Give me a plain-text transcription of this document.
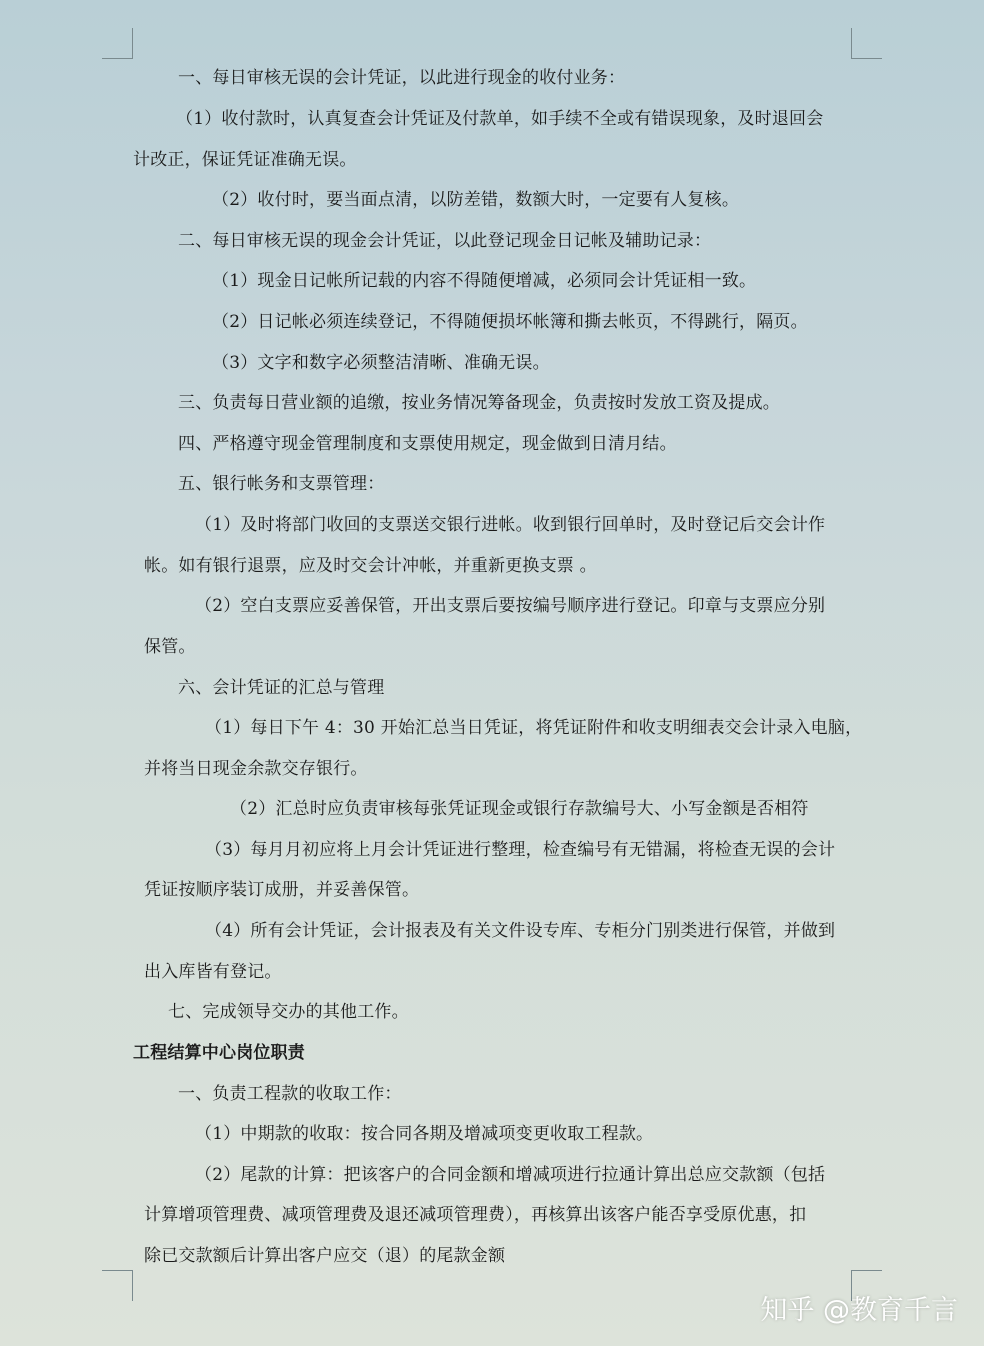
一、每日审核无误的会计凭证，以此进行现金的收付业务：
（1）收付款时，认真复查会计凭证及付款单，如手续不全或有错误现象，及时退回会
计改正，保证凭证准确无误。
（2）收付时，要当面点清，以防差错，数额大时，一定要有人复核。
二、每日审核无误的现金会计凭证，以此登记现金日记帐及辅助记录：
（1）现金日记帐所记载的内容不得随便增减，必须同会计凭证相一致。
（2）日记帐必须连续登记，不得随便损坏帐簿和撕去帐页，不得跳行，隔页。
（3）文字和数字必须整洁清晰、准确无误。
三、负责每日营业额的追缴，按业务情况筹备现金，负责按时发放工资及提成。
四、严格遵守现金管理制度和支票使用规定，现金做到日清月结。
五、银行帐务和支票管理：
（1）及时将部门收回的支票送交银行进帐。收到银行回单时，及时登记后交会计作
帐。如有银行退票，应及时交会计冲帐，并重新更换支票 。
（2）空白支票应妥善保管，开出支票后要按编号顺序进行登记。印章与支票应分别
保管。
六、会计凭证的汇总与管理
（1）每日下午 4：30 开始汇总当日凭证，将凭证附件和收支明细表交会计录入电脑，
并将当日现金余款交存银行。
（2）汇总时应负责审核每张凭证现金或银行存款编号大、小写金额是否相符
（3）每月月初应将上月会计凭证进行整理，检查编号有无错漏，将检查无误的会计
凭证按顺序装订成册，并妥善保管。
（4）所有会计凭证，会计报表及有关文件设专库、专柜分门别类进行保管，并做到
出入库皆有登记。
七、完成领导交办的其他工作。
工程结算中心岗位职责
一、负责工程款的收取工作：
（1）中期款的收取：按合同各期及增减项变更收取工程款。
（2）尾款的计算：把该客户的合同金额和增减项进行拉通计算出总应交款额（包括
计算增项管理费、减项管理费及退还减项管理费），再核算出该客户能否享受原优惠，扣
除已交款额后计算出客户应交（退）的尾款金额
知乎 @教育千言
